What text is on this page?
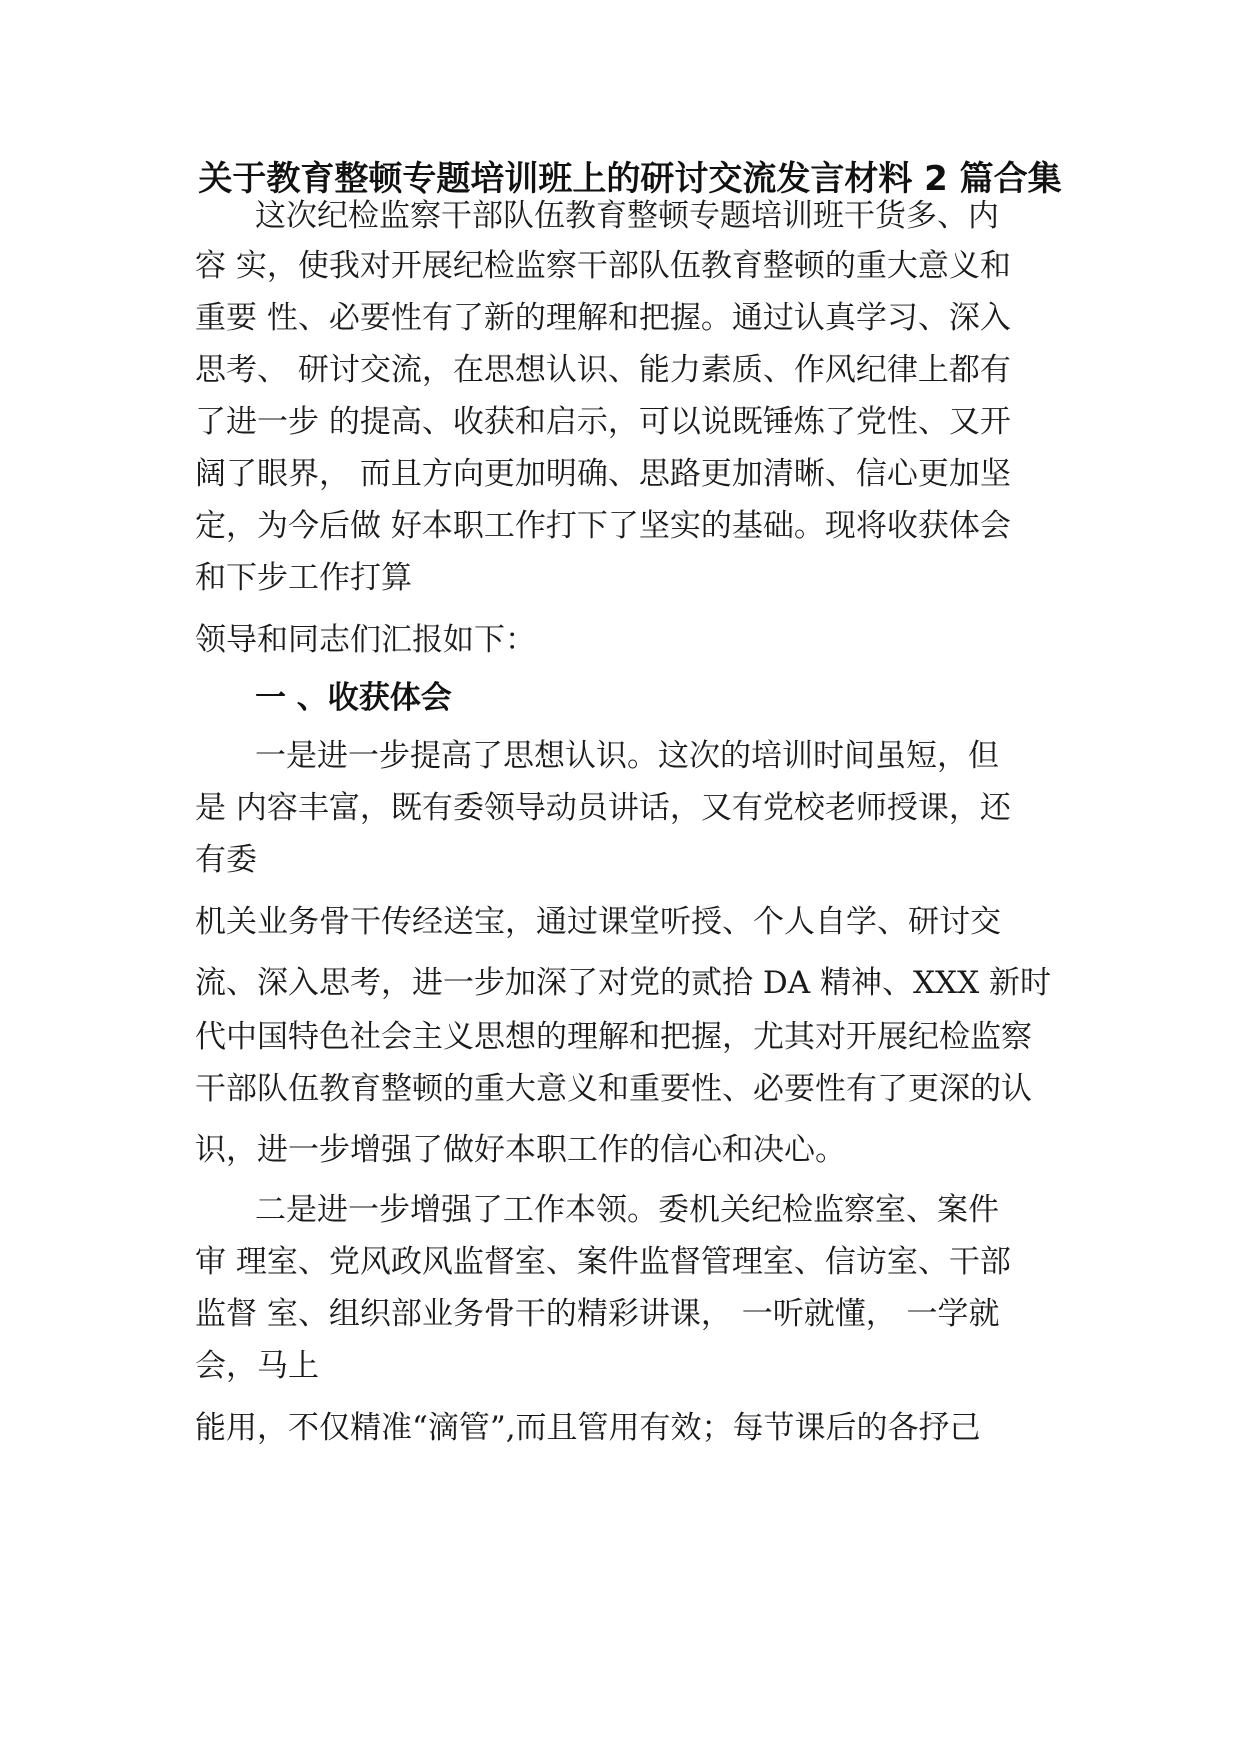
关于教育整顿专题培训班上的研讨交流发言材料 2 篇合集

这次纪检监察干部队伍教育整顿专题培训班干货多、内

容 实，使我对开展纪检监察干部队伍教育整顿的重大意义和

重要 性、必要性有了新的理解和把握。通过认真学习、深入

思考、 研讨交流，在思想认识、能力素质、作风纪律上都有

了进一步 的提高、收获和启示，可以说既锤炼了党性、又开

阔了眼界， 而且方向更加明确、思路更加清晰、信心更加坚

定，为今后做 好本职工作打下了坚实的基础。现将收获体会

和下步工作打算

领导和同志们汇报如下：

一 、收获体会

一是进一步提高了思想认识。这次的培训时间虽短，但

是 内容丰富，既有委领导动员讲话，又有党校老师授课，还

有委

机关业务骨干传经送宝，通过课堂听授、个人自学、研讨交

流、深入思考，进一步加深了对党的贰拾 DA 精神、XXX 新时

代中国特色社会主义思想的理解和把握，尤其对开展纪检监察

干部队伍教育整顿的重大意义和重要性、必要性有了更深的认

识，进一步增强了做好本职工作的信心和决心。

二是进一步增强了工作本领。委机关纪检监察室、案件

审 理室、党风政风监督室、案件监督管理室、信访室、干部

监督 室、组织部业务骨干的精彩讲课， 一听就懂， 一学就

会，马上

能用，不仅精准“滴管”,而且管用有效；每节课后的各抒己
